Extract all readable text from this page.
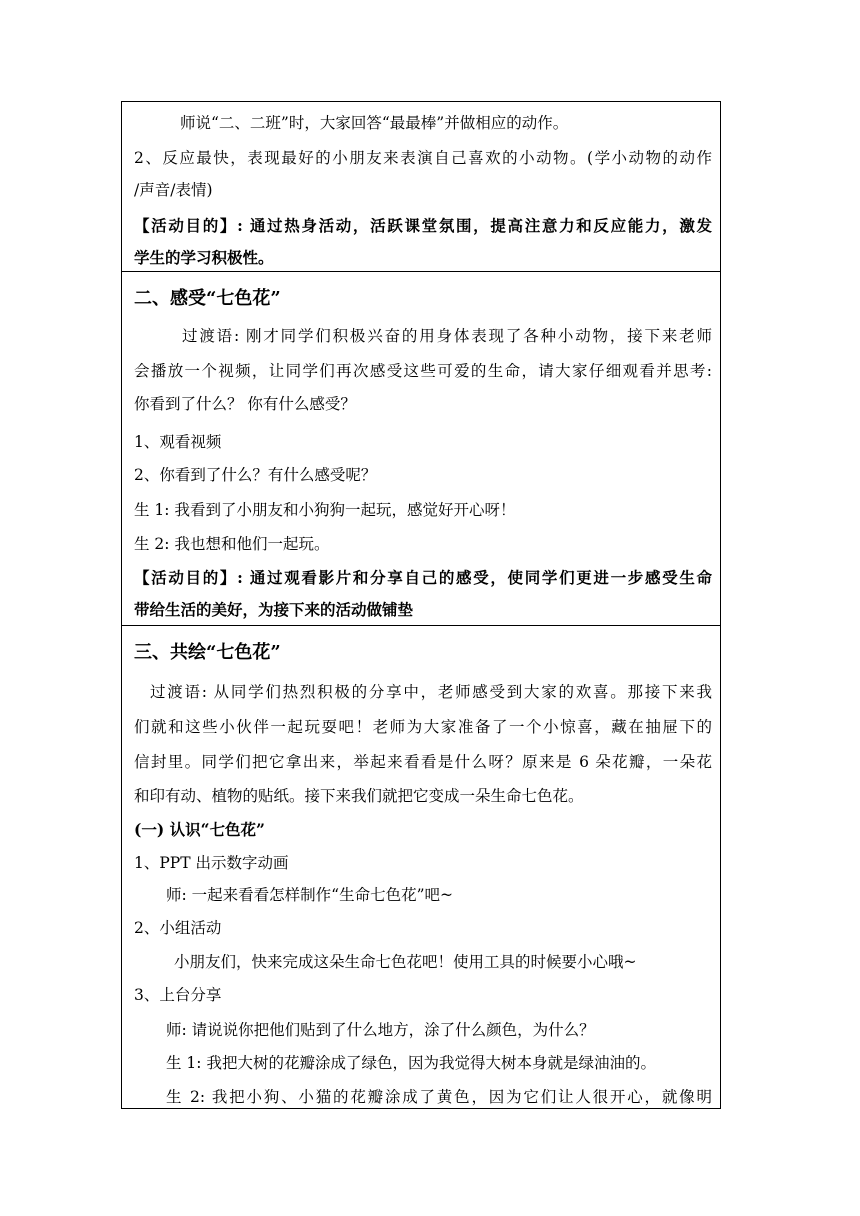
师说“二、二班”时，大家回答“最最棒”并做相应的动作。
2、反应最快，表现最好的小朋友来表演自己喜欢的小动物。(学小动物的动作
/声音/表情)
【活动目的】: 通过热身活动，活跃课堂氛围，提高注意力和反应能力，激发
学生的学习积极性。
二、感受“七色花”
过渡语: 刚才同学们积极兴奋的用身体表现了各种小动物，接下来老师
会播放一个视频，让同学们再次感受这些可爱的生命，请大家仔细观看并思考:
你看到了什么？ 你有什么感受？
1、观看视频
2、你看到了什么？有什么感受呢？
生 1: 我看到了小朋友和小狗狗一起玩，感觉好开心呀！
生 2: 我也想和他们一起玩。
【活动目的】: 通过观看影片和分享自己的感受，使同学们更进一步感受生命
带给生活的美好，为接下来的活动做铺垫
三、共绘“七色花”
过渡语: 从同学们热烈积极的分享中，老师感受到大家的欢喜。那接下来我
们就和这些小伙伴一起玩耍吧！老师为大家准备了一个小惊喜，藏在抽屉下的
信封里。同学们把它拿出来，举起来看看是什么呀？原来是 6 朵花瓣，一朵花
和印有动、植物的贴纸。接下来我们就把它变成一朵生命七色花。
(一) 认识“七色花”
1、PPT 出示数字动画
师: 一起来看看怎样制作“生命七色花”吧~
2、小组活动
小朋友们，快来完成这朵生命七色花吧！使用工具的时候要小心哦~
3、上台分享
师: 请说说你把他们贴到了什么地方，涂了什么颜色，为什么？
生 1: 我把大树的花瓣涂成了绿色，因为我觉得大树本身就是绿油油的。
生 2: 我把小狗、小猫的花瓣涂成了黄色，因为它们让人很开心，就像明
